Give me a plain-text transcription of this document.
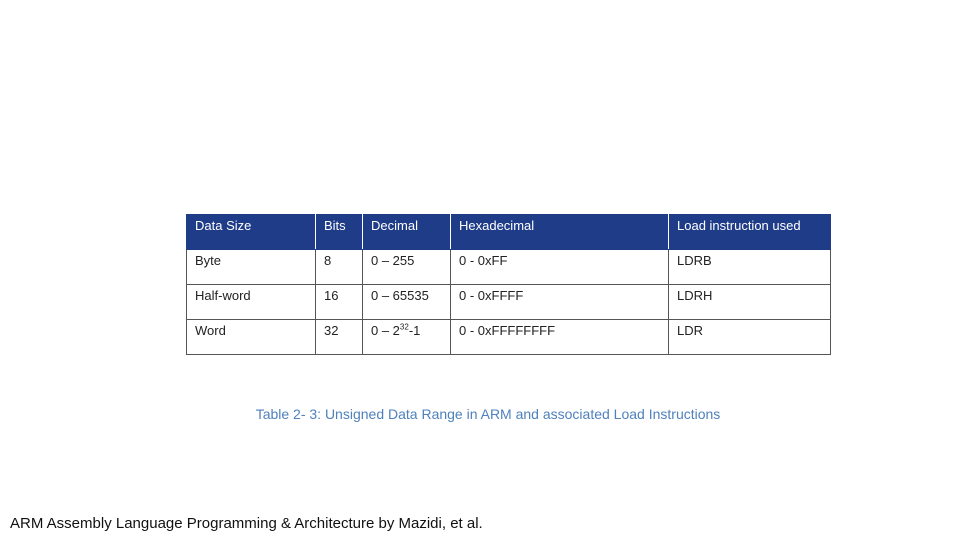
Data Size	Bits	Decimal	Hexadecimal	Load instruction used
Byte	8	0 – 255	0 - 0xFF	LDRB
Half-word	16	0 – 65535	0 - 0xFFFF	LDRH
Word	32	$0 - 2^{32}-1$	0 - 0xFFFFFFFF	LDR

Table 2- 3: Unsigned Data Range in ARM and associated Load Instructions

ARM Assembly Language Programming & Architecture by Mazidi, et al.
